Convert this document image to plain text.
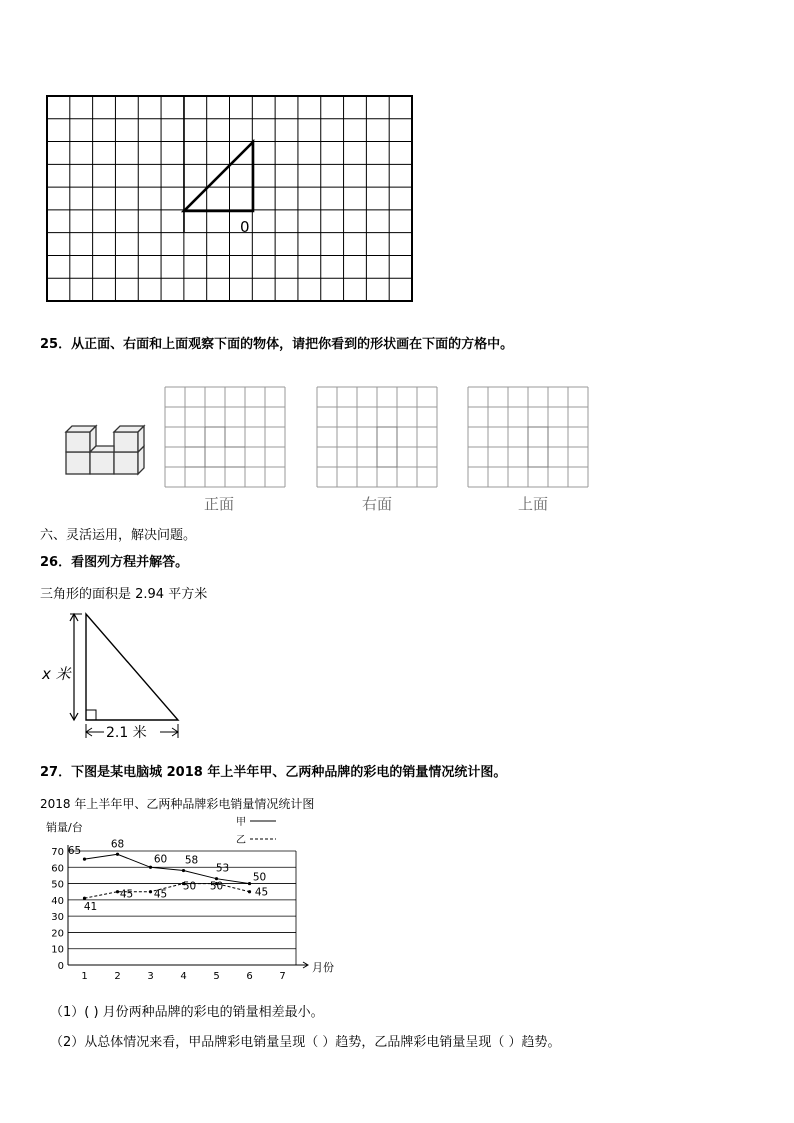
0
25．从正面、右面和上面观察下面的物体，请把你看到的形状画在下面的方格中。
正面	右面	上面
六、灵活运用，解决问题。
26．看图列方程并解答。
三角形的面积是 2.94 平方米
x 米
2.1 米
27．下图是某电脑城 2018 年上半年甲、乙两种品牌的彩电的销量情况统计图。
2018 年上半年甲、乙两种品牌彩电销量情况统计图
销量/台
月份
甲
乙
0
10
20
30
40
50
60
70
1	2	3	4	5	6	7
65
68
60 58
53
50
41
45 45
50 50
45
（1）( ) 月份两种品牌的彩电的销量相差最小。
（2）从总体情况来看，甲品牌彩电销量呈现（ ）趋势，乙品牌彩电销量呈现（ ）趋势。
